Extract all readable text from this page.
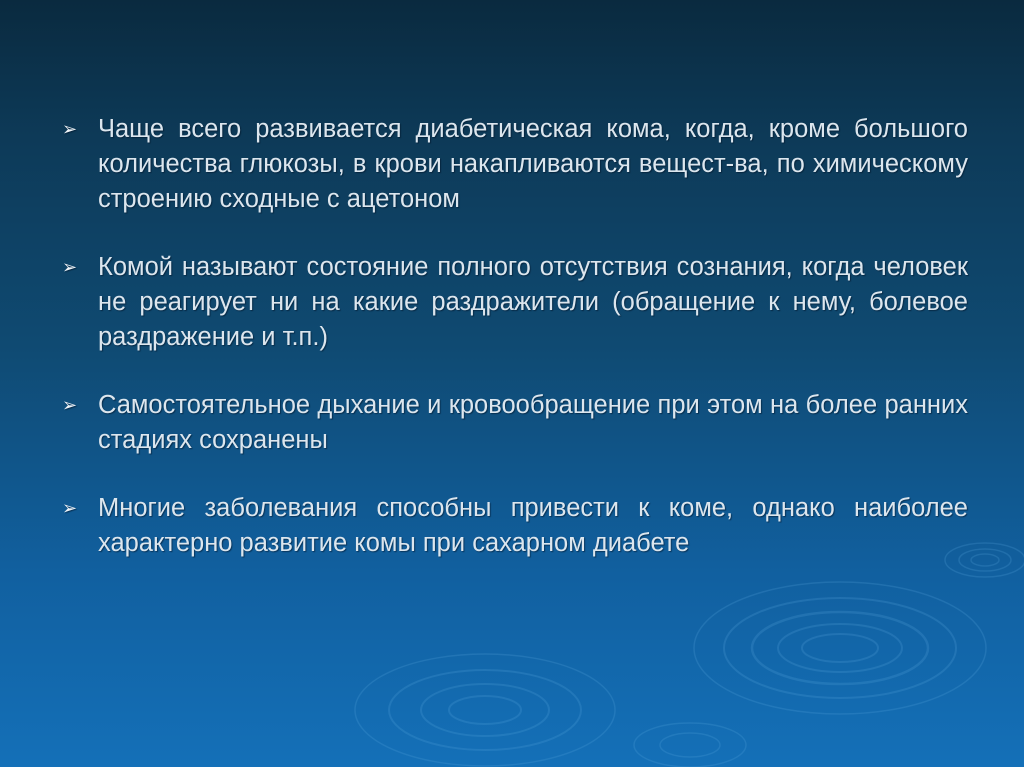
➢ Чаще всего развивается диабетическая кома, когда, кроме большого количества глюкозы, в крови накапливаются вещест-ва, по химическому строению сходные с ацетоном
➢ Комой называют состояние полного отсутствия сознания, когда человек не реагирует ни на какие раздражители (обращение к нему, болевое раздражение и т.п.)
➢ Самостоятельное дыхание и кровообращение при этом на более ранних стадиях сохранены
➢ Многие заболевания способны привести к коме, однако наиболее характерно развитие комы при сахарном диабете
